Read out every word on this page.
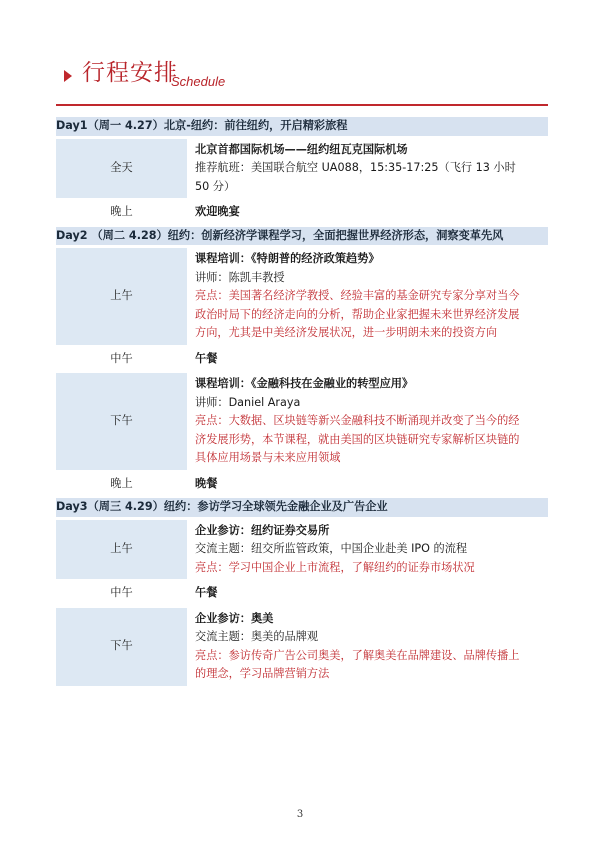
行程安排
Schedule
Day1（周一 4.27）北京-纽约：前往纽约，开启精彩旅程	
全天	北京首都国际机场——纽约纽瓦克国际机场
推荐航班：美国联合航空 UA088，15:35-17:25（飞行 13 小时
50 分）

晚上	欢迎晚宴

Day2 （周二 4.28）纽约：创新经济学课程学习，全面把握世界经济形态，洞察变革先风	
上午	课程培训：《特朗普的经济政策趋势》
讲师：陈凯丰教授
亮点：美国著名经济学教授、经验丰富的基金研究专家分享对当今
政治时局下的经济走向的分析，帮助企业家把握未来世界经济发展
方向，尤其是中美经济发展状况，进一步明朗未来的投资方向

中午	午餐

下午	课程培训：《金融科技在金融业的转型应用》
讲师：Daniel Araya
亮点：大数据、区块链等新兴金融科技不断涌现并改变了当今的经
济发展形势，本节课程，就由美国的区块链研究专家解析区块链的
具体应用场景与未来应用领域

晚上	晚餐

Day3（周三 4.29）纽约：参访学习全球领先金融企业及广告企业	
上午	企业参访：纽约证券交易所
交流主题：纽交所监管政策，中国企业赴美 IPO 的流程
亮点：学习中国企业上市流程，了解纽约的证券市场状况

中午	午餐

下午	企业参访：奥美
交流主题：奥美的品牌观
亮点：参访传奇广告公司奥美，了解奥美在品牌建设、品牌传播上
的理念，学习品牌营销方法
3
